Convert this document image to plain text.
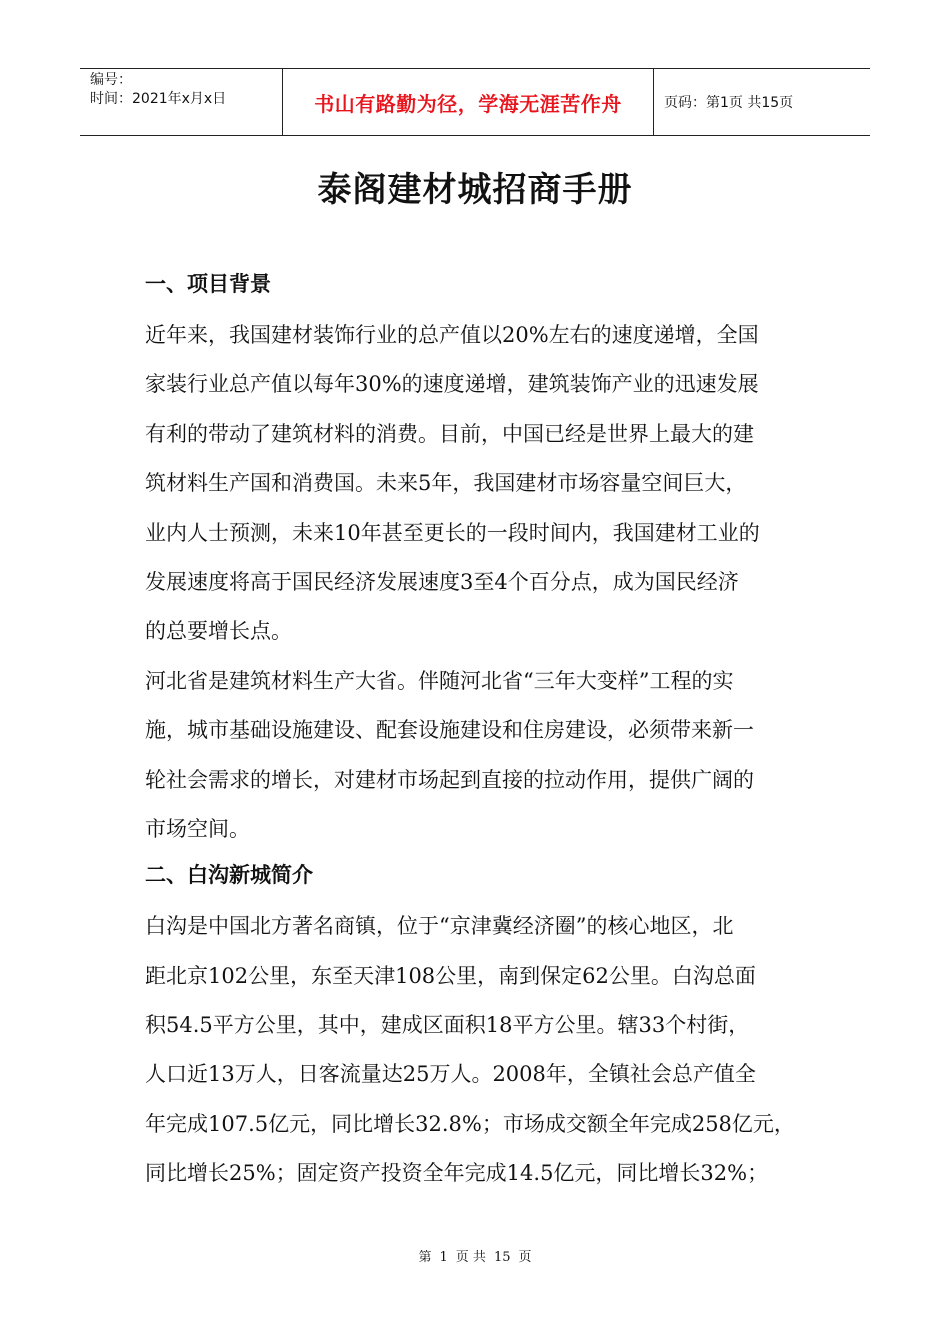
编号：
时间：2021年x月x日	书山有路勤为径，学海无涯苦作舟	页码：第1页 共15页
泰阁建材城招商手册
一、项目背景
近年来，我国建材装饰行业的总产值以20%左右的速度递增，全国
家装行业总产值以每年30%的速度递增，建筑装饰产业的迅速发展
有利的带动了建筑材料的消费。目前，中国已经是世界上最大的建
筑材料生产国和消费国。未来5年，我国建材市场容量空间巨大，
业内人士预测，未来10年甚至更长的一段时间内，我国建材工业的
发展速度将高于国民经济发展速度3至4个百分点，成为国民经济
的总要增长点。
河北省是建筑材料生产大省。伴随河北省“三年大变样”工程的实
施，城市基础设施建设、配套设施建设和住房建设，必须带来新一
轮社会需求的增长，对建材市场起到直接的拉动作用，提供广阔的
市场空间。
二、白沟新城简介
白沟是中国北方著名商镇，位于“京津冀经济圈”的核心地区，北
距北京102公里，东至天津108公里，南到保定62公里。白沟总面
积54.5平方公里，其中，建成区面积18平方公里。辖33个村街，
人口近13万人，日客流量达25万人。2008年，全镇社会总产值全
年完成107.5亿元，同比增长32.8%；市场成交额全年完成258亿元，
同比增长25%；固定资产投资全年完成14.5亿元，同比增长32%；
第 1 页 共 15 页
